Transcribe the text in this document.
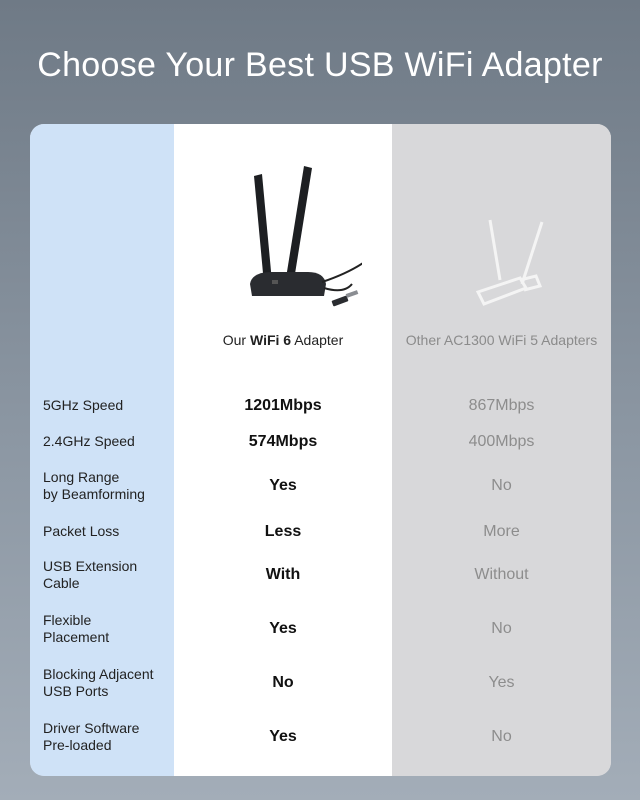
Choose Your Best USB WiFi Adapter
Our WiFi 6 Adapter	Other AC1300 WiFi 5 Adapters
5GHz Speed	1201Mbps	867Mbps
2.4GHz Speed	574Mbps	400Mbps
Long Range
by Beamforming	Yes	No
Packet Loss	Less	More
USB Extension
Cable	With	Without
Flexible
Placement	Yes	No
Blocking Adjacent
USB Ports	No	Yes
Driver Software
Pre-loaded	Yes	No
